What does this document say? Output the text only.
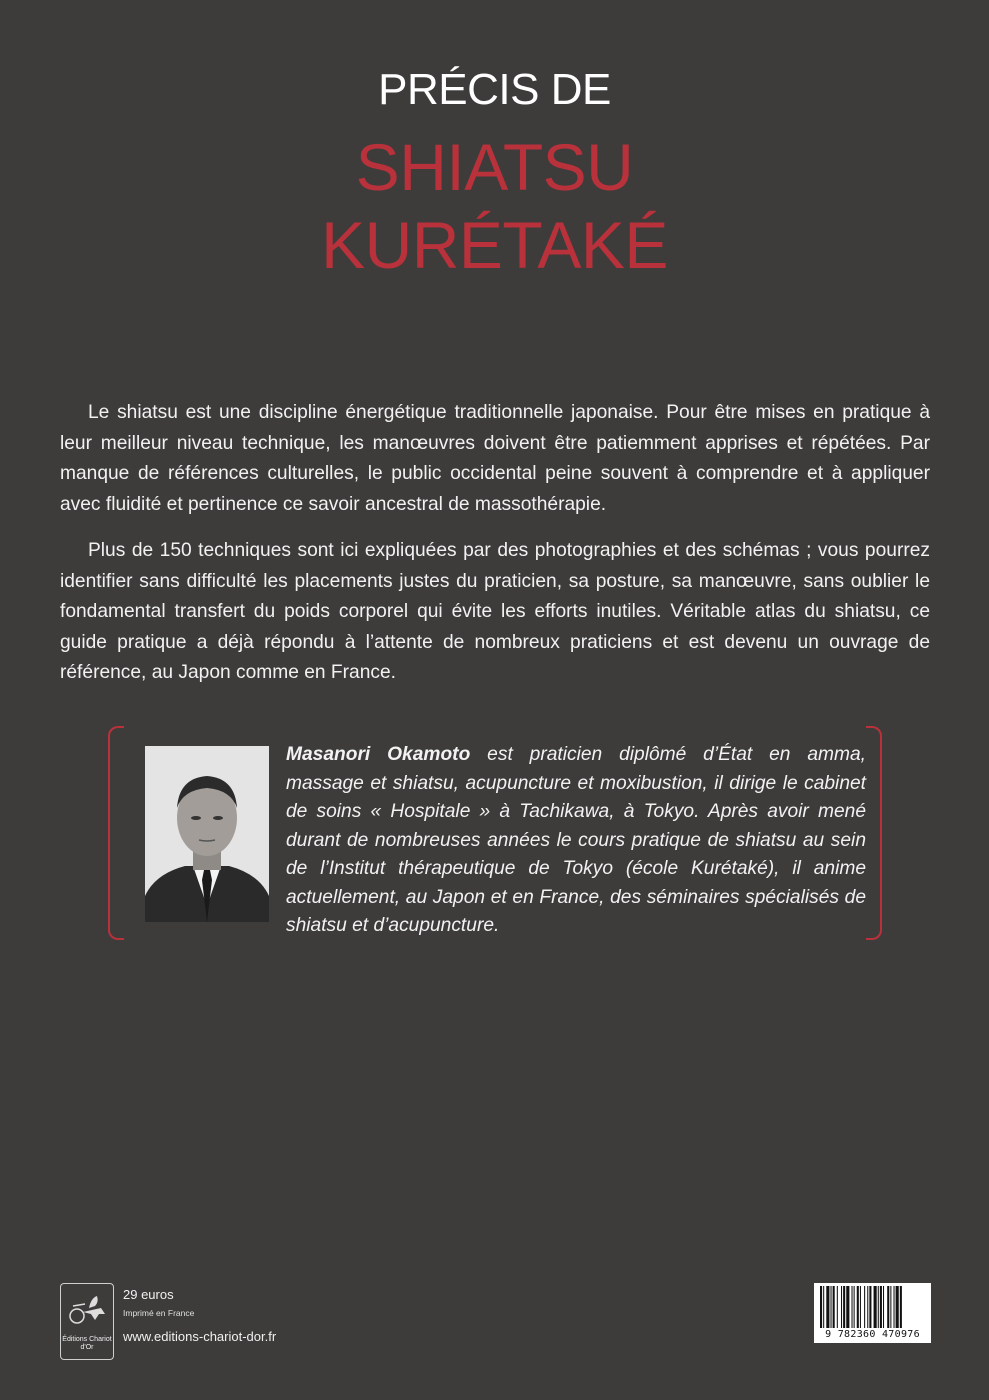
PRÉCIS DE
SHIATSU
KURÉTAKÉ

Le shiatsu est une discipline énergétique traditionnelle japonaise. Pour être mises en pratique à leur meilleur niveau technique, les manœuvres doivent être patiemment apprises et répétées. Par manque de références culturelles, le public occidental peine souvent à comprendre et à appliquer avec fluidité et pertinence ce savoir ancestral de massothérapie.

Plus de 150 techniques sont ici expliquées par des photographies et des schémas ; vous pourrez identifier sans difficulté les placements justes du praticien, sa posture, sa manœuvre, sans oublier le fondamental transfert du poids corporel qui évite les efforts inutiles. Véritable atlas du shiatsu, ce guide pratique a déjà répondu à l’attente de nombreux praticiens et est devenu un ouvrage de référence, au Japon comme en France.

Masanori Okamoto est praticien diplômé d’État en amma, massage et shiatsu, acupuncture et moxibustion, il dirige le cabinet de soins « Hospitale » à Tachikawa, à Tokyo. Après avoir mené durant de nombreuses années le cours pratique de shiatsu au sein de l’Institut thérapeutique de Tokyo (école Kurétaké), il anime actuellement, au Japon et en France, des séminaires spécialisés de shiatsu et d’acupuncture.
Éditions Chariot d'Or
29 euros
Imprimé en France
www.editions-chariot-dor.fr	9 782360 470976
